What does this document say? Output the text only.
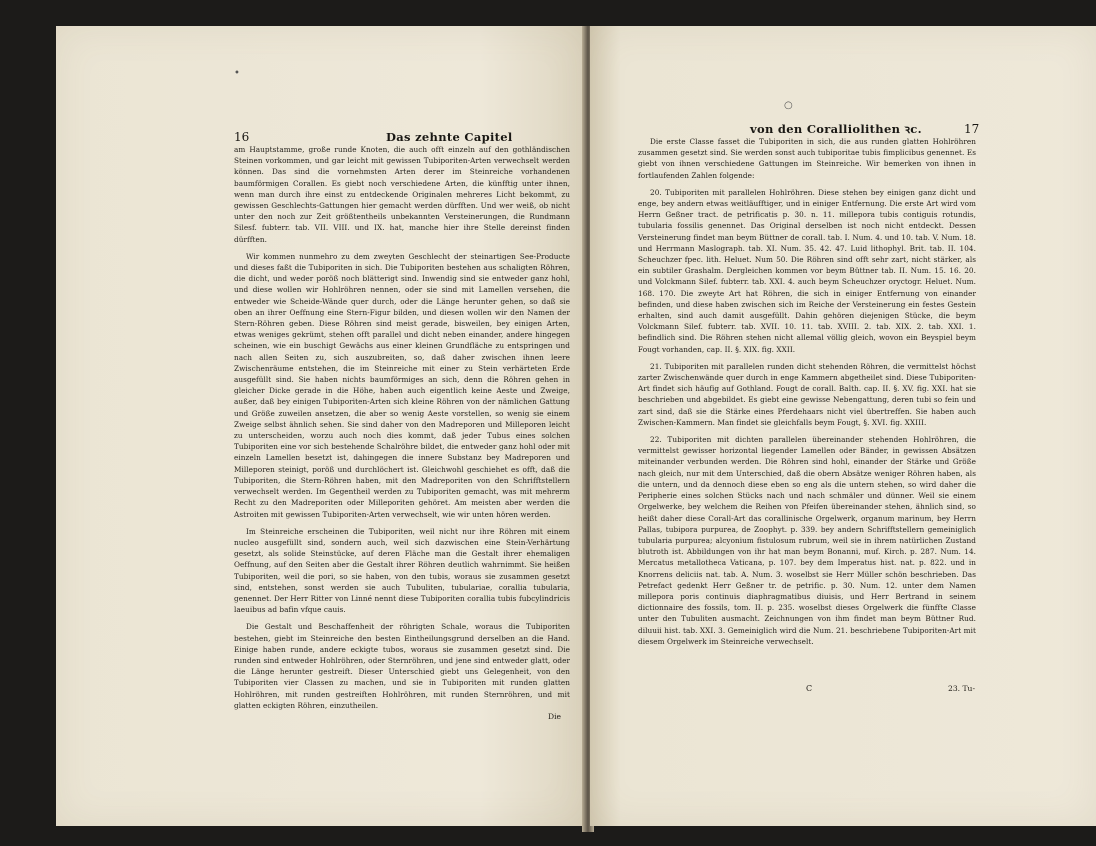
•
16	Das zehnte Capitel

am Hauptstamme, große runde Knoten, die auch offt einzeln auf den gothländischen Steinen vorkommen, und gar leicht mit gewissen Tubiporiten-Arten verwechselt werden können. Das sind die vornehmsten Arten derer im Steinreiche vorhandenen baumförmigen Corallen. Es giebt noch verschiedene Arten, die künfftig unter ihnen, wenn man durch ihre einst zu entdeckende Originalen mehreres Licht bekommt, zu gewissen Geschlechts-Gattungen hier gemacht werden dürfften. Und wer weiß, ob nicht unter den noch zur Zeit größtentheils unbekannten Versteinerungen, die Rundmann Silesf. fubterr. tab. VII. VIII. und IX. hat, manche hier ihre Stelle dereinst finden dürfften.

Wir kommen nunmehro zu dem zweyten Geschlecht der steinartigen See-Producte und dieses faßt die Tubiporiten in sich. Die Tubiporiten bestehen aus schaligten Röhren, die dicht, und weder poröß noch blätterigt sind. Inwendig sind sie entweder ganz hohl, und diese wollen wir Hohlröhren nennen, oder sie sind mit Lamellen versehen, die entweder wie Scheide-Wände quer durch, oder die Länge herunter gehen, so daß sie oben an ihrer Oeffnung eine Stern-Figur bilden, und diesen wollen wir den Namen der Stern-Röhren geben. Diese Röhren sind meist gerade, bisweilen, bey einigen Arten, etwas weniges gekrümt, stehen offt parallel und dicht neben einander, andere hingegen scheinen, wie ein buschigt Gewächs aus einer kleinen Grundfläche zu entspringen und nach allen Seiten zu, sich auszubreiten, so, daß daher zwischen ihnen leere Zwischenräume entstehen, die im Steinreiche mit einer zu Stein verhärteten Erde ausgefüllt sind. Sie haben nichts baumförmiges an sich, denn die Röhren gehen in gleicher Dicke gerade in die Höhe, haben auch eigentlich keine Aeste und Zweige, außer, daß bey einigen Tubiporiten-Arten sich kleine Röhren von der nämlichen Gattung und Größe zuweilen ansetzen, die aber so wenig Aeste vorstellen, so wenig sie einem Zweige selbst ähnlich sehen. Sie sind daher von den Madreporen und Milleporen leicht zu unterscheiden, worzu auch noch dies kommt, daß jeder Tubus eines solchen Tubiporiten eine vor sich bestehende Schalröhre bildet, die entweder ganz hohl oder mit einzeln Lamellen besetzt ist, dahingegen die innere Substanz bey Madreporen und Milleporen steinigt, poröß und durchlöchert ist. Gleichwohl geschiehet es offt, daß die Tubiporiten, die Stern-Röhren haben, mit den Madreporiten von den Schrifftstellern verwechselt werden. Im Gegentheil werden zu Tubiporiten gemacht, was mit mehrerm Recht zu den Madreporiten oder Milleporiten gehöret. Am meisten aber werden die Astroiten mit gewissen Tubiporiten-Arten verwechselt, wie wir unten hören werden.

Im Steinreiche erscheinen die Tubiporiten, weil nicht nur ihre Röhren mit einem nucleo ausgefüllt sind, sondern auch, weil sich dazwischen eine Stein-Verhärtung gesetzt, als solide Steinstücke, auf deren Fläche man die Gestalt ihrer ehemaligen Oeffnung, auf den Seiten aber die Gestalt ihrer Röhren deutlich wahrnimmt. Sie heißen Tubiporiten, weil die pori, so sie haben, von den tubis, woraus sie zusammen gesetzt sind, entstehen, sonst werden sie auch Tubuliten, tubulariae, corallia tubularia, genennet. Der Herr Ritter von Linné nennt diese Tubiporiten corallia tubis fubcylindricis laeuibus ad bafin vfque cauis.

Die Gestalt und Beschaffenheit der röhrigten Schale, woraus die Tubiporiten bestehen, giebt im Steinreiche den besten Eintheilungsgrund derselben an die Hand. Einige haben runde, andere eckigte tubos, woraus sie zusammen gesetzt sind. Die runden sind entweder Hohlröhren, oder Sternröhren, und jene sind entweder glatt, oder die Länge herunter gestreift. Dieser Unterschied giebt uns Gelegenheit, von den Tubiporiten vier Classen zu machen, und sie in Tubiporiten mit runden glatten Hohlröhren, mit runden gestreiften Hohlröhren, mit runden Sternröhren, und mit glatten eckigten Röhren, einzutheilen.

Die
○
von den Coralliolithen ꝛc.	17

Die erste Classe fasset die Tubiporiten in sich, die aus runden glatten Hohlröhren zusammen gesetzt sind. Sie werden sonst auch tubiporitae tubis fimplicibus genennet. Es giebt von ihnen verschiedene Gattungen im Steinreiche. Wir bemerken von ihnen in fortlaufenden Zahlen folgende:

20. Tubiporiten mit parallelen Hohlröhren. Diese stehen bey einigen ganz dicht und enge, bey andern etwas weitläufftiger, und in einiger Entfernung. Die erste Art wird vom Herrn Geßner tract. de petrificatis p. 30. n. 11. millepora tubis contiguis rotundis, tubularia fossilis genennet. Das Original derselben ist noch nicht entdeckt. Dessen Versteinerung findet man beym Büttner de corall. tab. I. Num. 4. und 10. tab. V. Num. 18. und Herrmann Maslograph. tab. XI. Num. 35. 42. 47. Luid lithophyl. Brit. tab. II. 104. Scheuchzer fpec. lith. Heluet. Num 50. Die Röhren sind offt sehr zart, nicht stärker, als ein subtiler Grashalm. Dergleichen kommen vor beym Büttner tab. II. Num. 15. 16. 20. und Volckmann Silef. fubterr. tab. XXI. 4. auch beym Scheuchzer oryctogr. Heluet. Num. 168. 170. Die zweyte Art hat Röhren, die sich in einiger Entfernung von einander befinden, und diese haben zwischen sich im Reiche der Versteinerung ein festes Gestein erhalten, sind auch damit ausgefüllt. Dahin gehören diejenigen Stücke, die beym Volckmann Silef. fubterr. tab. XVII. 10. 11. tab. XVIII. 2. tab. XIX. 2. tab. XXI. 1. befindlich sind. Die Röhren stehen nicht allemal völlig gleich, wovon ein Beyspiel beym Fougt vorhanden, cap. II. §. XIX. fig. XXII.

21. Tubiporiten mit parallelen runden dicht stehenden Röhren, die vermittelst höchst zarter Zwischenwände quer durch in enge Kammern abgetheilet sind. Diese Tubiporiten-Art findet sich häufig auf Gothland. Fougt de corall. Balth. cap. II. §. XV. fig. XXI. hat sie beschrieben und abgebildet. Es giebt eine gewisse Nebengattung, deren tubi so fein und zart sind, daß sie die Stärke eines Pferdehaars nicht viel übertreffen. Sie haben auch Zwischen-Kammern. Man findet sie gleichfalls beym Fougt, §. XVI. fig. XXIII.

22. Tubiporiten mit dichten parallelen übereinander stehenden Hohlröhren, die vermittelst gewisser horizontal liegender Lamellen oder Bänder, in gewissen Absätzen miteinander verbunden werden. Die Röhren sind hohl, einander der Stärke und Größe nach gleich, nur mit dem Unterschied, daß die obern Absätze weniger Röhren haben, als die untern, und da dennoch diese eben so eng als die untern stehen, so wird daher die Peripherie eines solchen Stücks nach und nach schmäler und dünner. Weil sie einem Orgelwerke, bey welchem die Reihen von Pfeifen übereinander stehen, ähnlich sind, so heißt daher diese Corall-Art das corallinische Orgelwerk, organum marinum, bey Herrn Pallas, tubipora purpurea, de Zoophyt. p. 339. bey andern Schrifftstellern gemeiniglich tubularia purpurea; alcyonium fistulosum rubrum, weil sie in ihrem natürlichen Zustand blutroth ist. Abbildungen von ihr hat man beym Bonanni, muf. Kirch. p. 287. Num. 14. Mercatus metallotheca Vaticana, p. 107. bey dem Imperatus hist. nat. p. 822. und in Knorrens deliciis nat. tab. A. Num. 3. woselbst sie Herr Müller schön beschrieben. Das Petrefact gedenkt Herr Geßner tr. de petrific. p. 30. Num. 12. unter dem Namen millepora poris continuis diaphragmatibus diuisis, und Herr Bertrand in seinem dictionnaire des fossils, tom. II. p. 235. woselbst dieses Orgelwerk die fünffte Classe unter den Tubuliten ausmacht. Zeichnungen von ihm findet man beym Büttner Rud. diluuii hist. tab. XXI. 3. Gemeiniglich wird die Num. 21. beschriebene Tubiporiten-Art mit diesem Orgelwerk im Steinreiche verwechselt.

C	23. Tu-
